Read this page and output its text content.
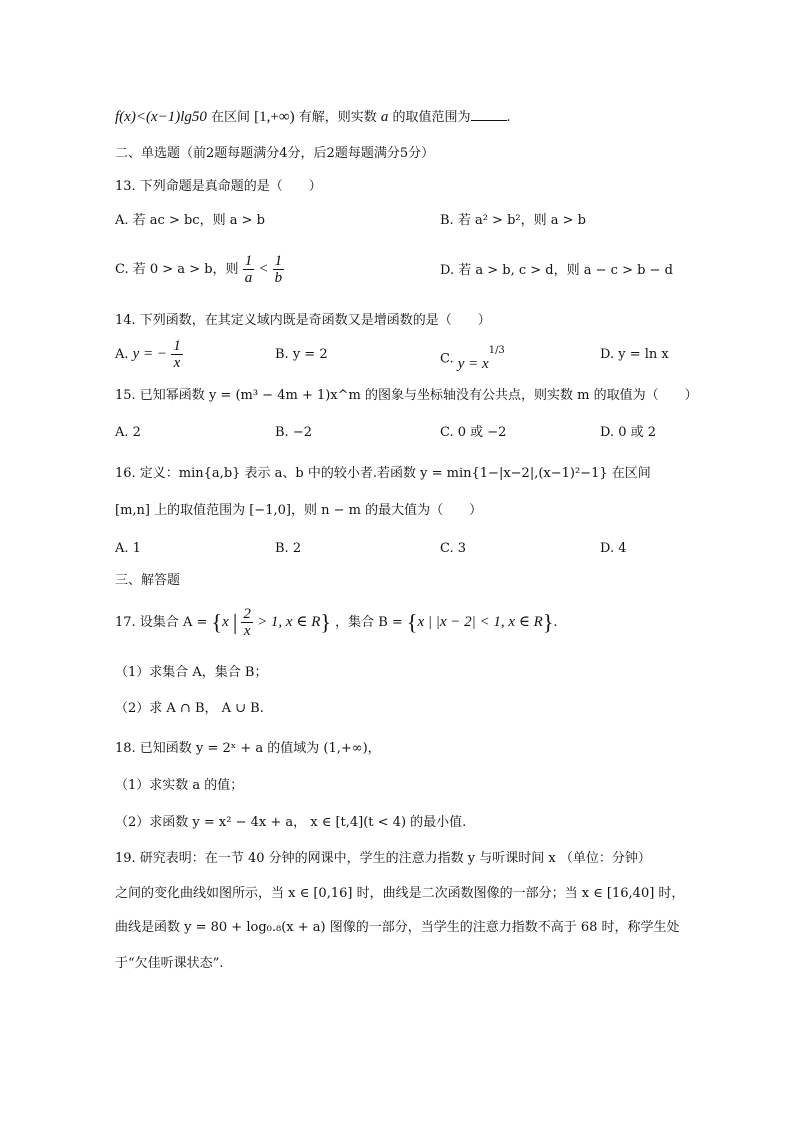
f(x)<(x−1)lg50 在区间 [1,+∞) 有解，则实数 a 的取值范围为	.
二、单选题（前2题每题满分4分，后2题每题满分5分）
13. 下列命题是真命题的是（　　）
A. 若 ac > bc，则 a > b	B. 若 a² > b²，则 a > b
C. 若 0 > a > b，则 $\frac{1}{a} < \frac{1}{b}$	D. 若 a > b, c > d，则 a − c > b − d
14. 下列函数，在其定义域内既是奇函数又是增函数的是（　　）
A. y = − $\frac{1}{x}$	B. y = 2	C. $y = x^{1/3}$	D. y = ln x
15. 已知幂函数 y = (m³ − 4m + 1)x^m 的图象与坐标轴没有公共点，则实数 m 的取值为（　　）
A. 2	B. −2	C. 0 或 −2	D. 0 或 2
16. 定义：min{a,b} 表示 a、b 中的较小者.若函数 y = min{1−|x−2|,(x−1)²−1} 在区间
[m,n] 上的取值范围为 [−1,0]，则 n − m 的最大值为（　　）
A. 1	B. 2	C. 3	D. 4
三、解答题
17. 设集合 A = {x | $\frac{2}{x} > 1$, x ∈ R} ，集合 B = {x | |x − 2| < 1, x ∈ R}.
（1）求集合 A，集合 B；
（2）求 A ∩ B， A ∪ B.
18. 已知函数 y = 2ˣ + a 的值域为 (1,+∞)，
（1）求实数 a 的值；
（2）求函数 y = x² − 4x + a， x ∈ [t,4](t < 4) 的最小值.
19. 研究表明：在一节 40 分钟的网课中，学生的注意力指数 y 与听课时间 x （单位：分钟）
之间的变化曲线如图所示，当 x ∈ [0,16] 时，曲线是二次函数图像的一部分；当 x ∈ [16,40] 时，
曲线是函数 y = 80 + log₀.₈(x + a) 图像的一部分，当学生的注意力指数不高于 68 时，称学生处
于“欠佳听课状态”.
